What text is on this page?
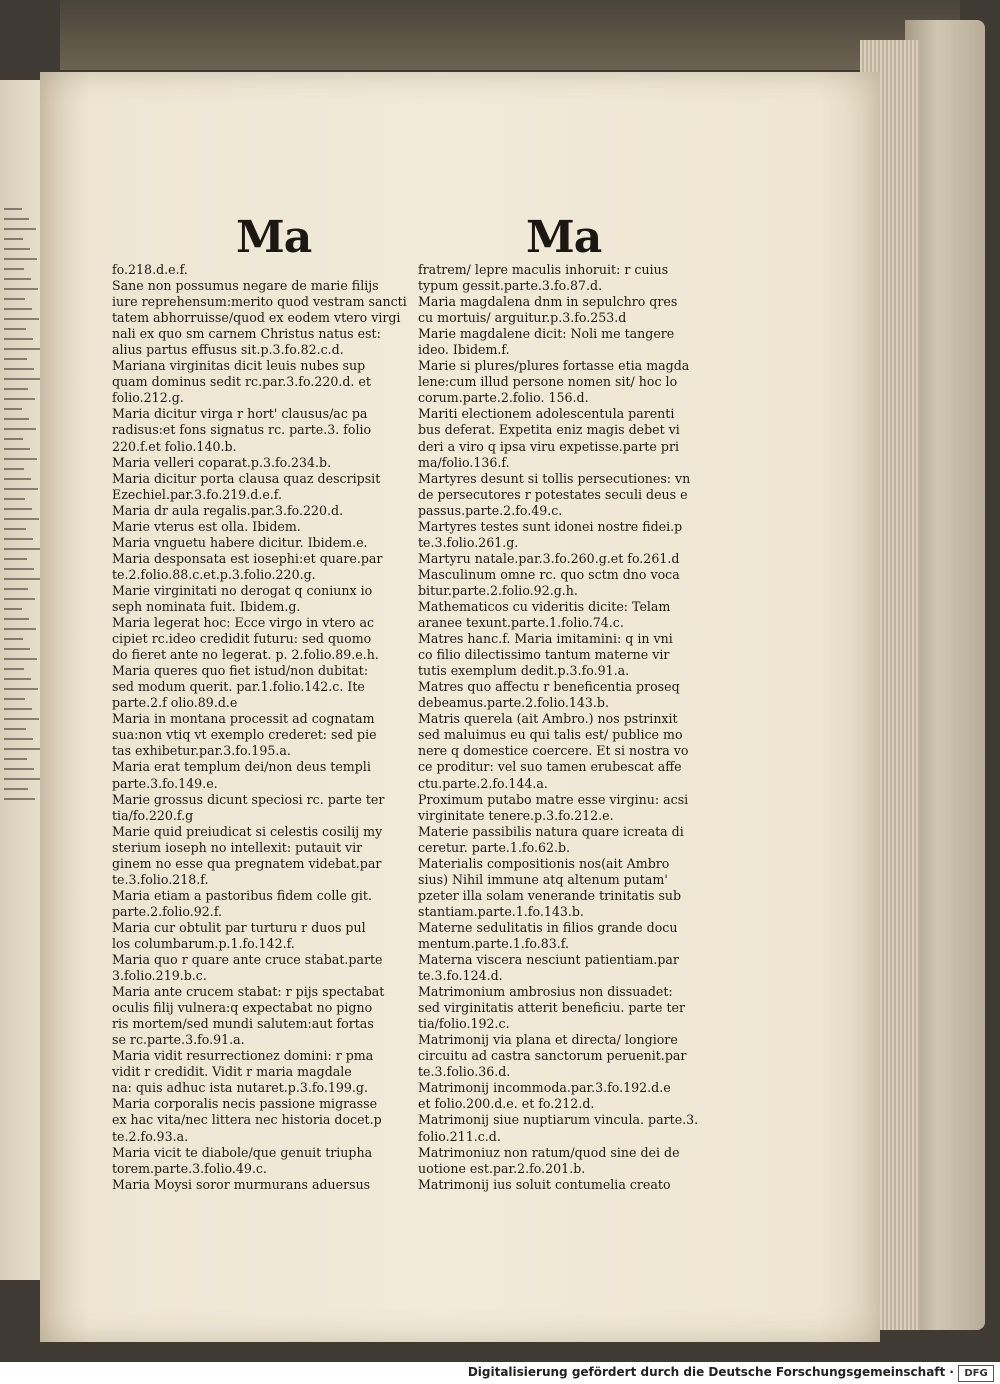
Ma	Ma
fo.218.d.e.f.
Sane non possumus negare de marie filijs
iure reprehensum:merito quod vestram sancti
tatem abhorruisse/quod ex eodem vtero virgi
nali ex quo sm carnem Christus natus est:
alius partus effusus sit.p.3.fo.82.c.d.
Mariana virginitas dicit leuis nubes sup
quam dominus sedit rc.par.3.fo.220.d. et
folio.212.g.
Maria dicitur virga r hort' clausus/ac pa
radisus:et fons signatus rc. parte.3. folio
220.f.et folio.140.b.
Maria velleri coparat.p.3.fo.234.b.
Maria dicitur porta clausa quaz descripsit
Ezechiel.par.3.fo.219.d.e.f.
Maria dr aula regalis.par.3.fo.220.d.
Marie vterus est olla. Ibidem.
Maria vnguetu habere dicitur. Ibidem.e.
Maria desponsata est iosephi:et quare.par
te.2.folio.88.c.et.p.3.folio.220.g.
Marie virginitati no derogat q coniunx io
seph nominata fuit. Ibidem.g.
Maria legerat hoc: Ecce virgo in vtero ac
cipiet rc.ideo credidit futuru: sed quomo
do fieret ante no legerat. p. 2.folio.89.e.h.
Maria queres quo fiet istud/non dubitat:
sed modum querit. par.1.folio.142.c. Ite
parte.2.f olio.89.d.e
Maria in montana processit ad cognatam
sua:non vtiq vt exemplo crederet: sed pie
tas exhibetur.par.3.fo.195.a.
Maria erat templum dei/non deus templi
parte.3.fo.149.e.
Marie grossus dicunt speciosi rc. parte ter
tia/fo.220.f.g
Marie quid preiudicat si celestis cosilij my
sterium ioseph no intellexit: putauit vir
ginem no esse qua pregnatem videbat.par
te.3.folio.218.f.
Maria etiam a pastoribus fidem colle git.
parte.2.folio.92.f.
Maria cur obtulit par turturu r duos pul
los columbarum.p.1.fo.142.f.
Maria quo r quare ante cruce stabat.parte
3.folio.219.b.c.
Maria ante crucem stabat: r pijs spectabat
oculis filij vulnera:q expectabat no pigno
ris mortem/sed mundi salutem:aut fortas
se rc.parte.3.fo.91.a.
Maria vidit resurrectionez domini: r pma
vidit r credidit. Vidit r maria magdale
na: quis adhuc ista nutaret.p.3.fo.199.g.
Maria corporalis necis passione migrasse
ex hac vita/nec littera nec historia docet.p
te.2.fo.93.a.
Maria vicit te diabole/que genuit triupha
torem.parte.3.folio.49.c.
Maria Moysi soror murmurans aduersus
fratrem/ lepre maculis inhoruit: r cuius
typum gessit.parte.3.fo.87.d.
Maria magdalena dnm in sepulchro qres
cu mortuis/ arguitur.p.3.fo.253.d
Marie magdalene dicit: Noli me tangere
ideo. Ibidem.f.
Marie si plures/plures fortasse etia magda
lene:cum illud persone nomen sit/ hoc lo
corum.parte.2.folio. 156.d.
Mariti electionem adolescentula parenti
bus deferat. Expetita eniz magis debet vi
deri a viro q ipsa viru expetisse.parte pri
ma/folio.136.f.
Martyres desunt si tollis persecutiones: vn
de persecutores r potestates seculi deus e
passus.parte.2.fo.49.c.
Martyres testes sunt idonei nostre fidei.p
te.3.folio.261.g.
Martyru natale.par.3.fo.260.g.et fo.261.d
Masculinum omne rc. quo sctm dno voca
bitur.parte.2.folio.92.g.h.
Mathematicos cu videritis dicite: Telam
aranee texunt.parte.1.folio.74.c.
Matres hanc.f. Maria imitamini: q in vni
co filio dilectissimo tantum materne vir
tutis exemplum dedit.p.3.fo.91.a.
Matres quo affectu r beneficentia proseq
debeamus.parte.2.folio.143.b.
Matris querela (ait Ambro.) nos pstrinxit
sed maluimus eu qui talis est/ publice mo
nere q domestice coercere. Et si nostra vo
ce proditur: vel suo tamen erubescat affe
ctu.parte.2.fo.144.a.
Proximum putabo matre esse virginu: acsi
virginitate tenere.p.3.fo.212.e.
Materie passibilis natura quare icreata di
ceretur. parte.1.fo.62.b.
Materialis compositionis nos(ait Ambro
sius) Nihil immune atq altenum putam'
pzeter illa solam venerande trinitatis sub
stantiam.parte.1.fo.143.b.
Materne sedulitatis in filios grande docu
mentum.parte.1.fo.83.f.
Materna viscera nesciunt patientiam.par
te.3.fo.124.d.
Matrimonium ambrosius non dissuadet:
sed virginitatis atterit beneficiu. parte ter
tia/folio.192.c.
Matrimonij via plana et directa/ longiore
circuitu ad castra sanctorum peruenit.par
te.3.folio.36.d.
Matrimonij incommoda.par.3.fo.192.d.e
et folio.200.d.e. et fo.212.d.
Matrimonij siue nuptiarum vincula. parte.3.
folio.211.c.d.
Matrimoniuz non ratum/quod sine dei de
uotione est.par.2.fo.201.b.
Matrimonij ius soluit contumelia creato
Digitalisierung gefördert durch die Deutsche Forschungsgemeinschaft ·	DFG
